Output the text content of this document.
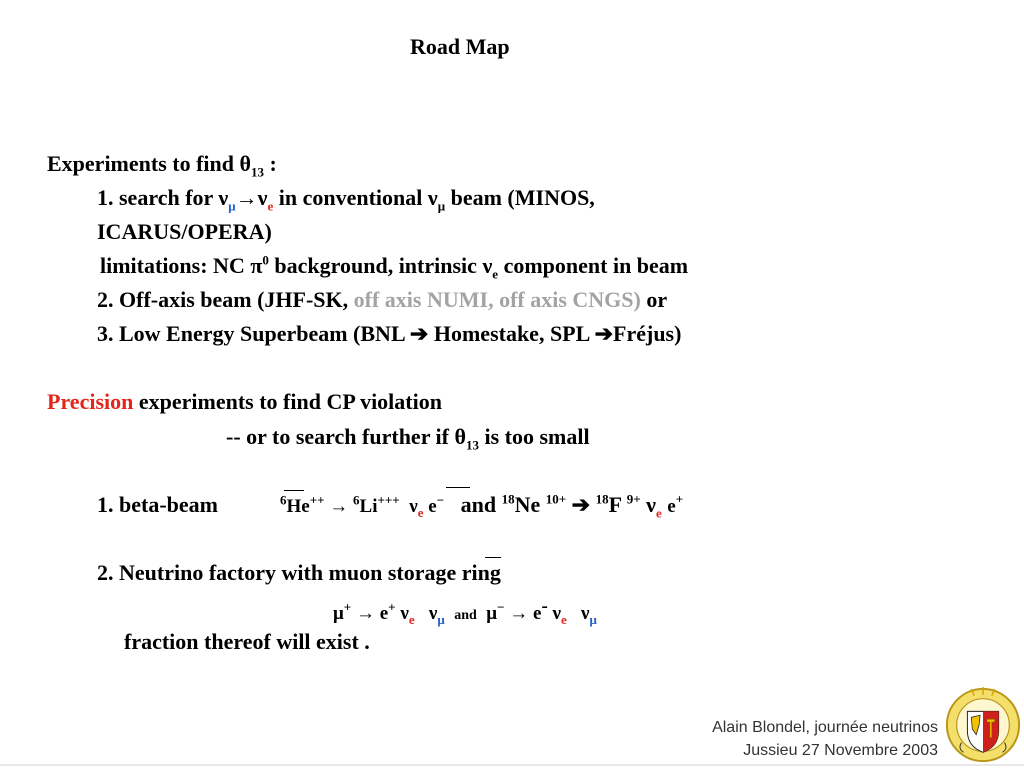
Road Map
Experiments to find $\theta_{13}$ :
1. search for $\nu_\mu\to\nu_e$ in conventional $\nu_\mu$ beam (MINOS,
ICARUS/OPERA)
limitations: NC $\pi^0$ background, intrinsic $\nu_e$ component in beam
2. Off-axis beam (JHF-SK, off axis NUMI, off axis CNGS) or
3. Low Energy Superbeam (BNL ➔ Homestake, SPL ➔Fréjus)
Precision experiments to find CP violation
-- or to search further if $\theta_{13}$ is too small
1. beta-beam	$^6$He++ → $^6$Li+++ $\nu_e$ e− and $^{18}$Ne $^{10+}$ ➔ $^{18}$F $^{9+}$ $\nu_e$ e+
2. Neutrino factory with muon storage ring
μ+ → e+ $\nu_e$ $\nu_\mu$ and μ− → e- $\nu_e$ $\nu_\mu$
fraction thereof will exist .
Alain Blondel, journée neutrinos
Jussieu 27 Novembre 2003
